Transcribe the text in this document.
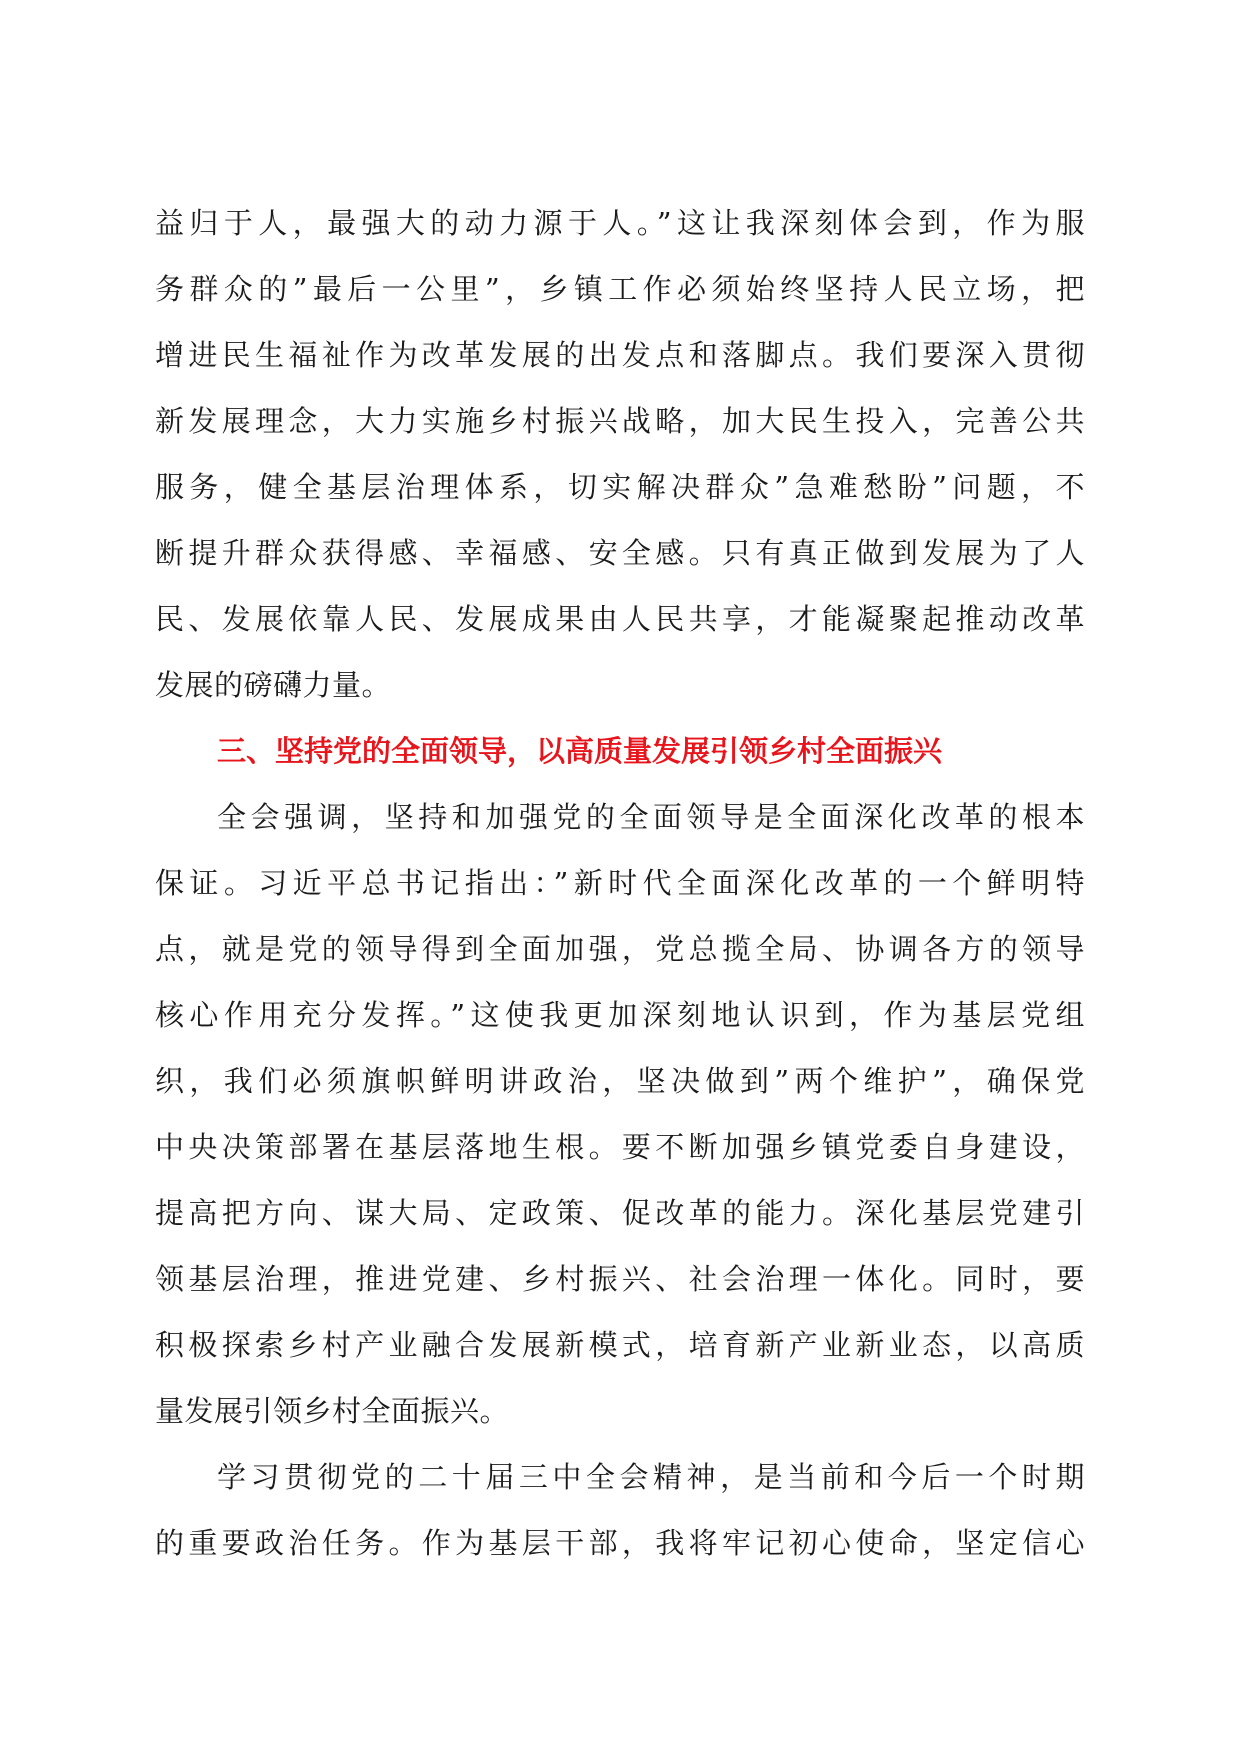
益归于人，最强大的动力源于人。”这让我深刻体会到，作为服
务群众的”最后一公里”，乡镇工作必须始终坚持人民立场，把
增进民生福祉作为改革发展的出发点和落脚点。我们要深入贯彻
新发展理念，大力实施乡村振兴战略，加大民生投入，完善公共
服务，健全基层治理体系，切实解决群众”急难愁盼”问题，不
断提升群众获得感、幸福感、安全感。只有真正做到发展为了人
民、发展依靠人民、发展成果由人民共享，才能凝聚起推动改革
发展的磅礴力量。
三、坚持党的全面领导，以高质量发展引领乡村全面振兴
全会强调，坚持和加强党的全面领导是全面深化改革的根本
保证。习近平总书记指出：”新时代全面深化改革的一个鲜明特
点，就是党的领导得到全面加强，党总揽全局、协调各方的领导
核心作用充分发挥。”这使我更加深刻地认识到，作为基层党组
织，我们必须旗帜鲜明讲政治，坚决做到”两个维护”，确保党
中央决策部署在基层落地生根。要不断加强乡镇党委自身建设，
提高把方向、谋大局、定政策、促改革的能力。深化基层党建引
领基层治理，推进党建、乡村振兴、社会治理一体化。同时，要
积极探索乡村产业融合发展新模式，培育新产业新业态，以高质
量发展引领乡村全面振兴。
学习贯彻党的二十届三中全会精神，是当前和今后一个时期
的重要政治任务。作为基层干部，我将牢记初心使命，坚定信心
